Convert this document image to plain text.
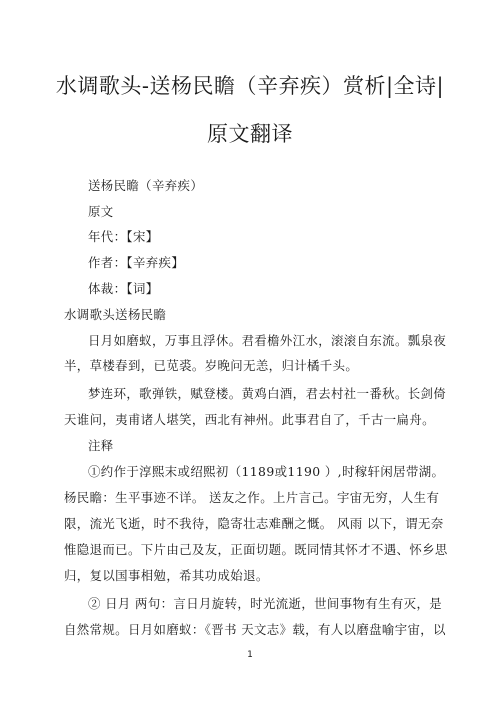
水调歌头-送杨民瞻（辛弃疾）赏析|全诗|
原文翻译
送杨民瞻（辛弃疾）
原文
年代：【宋】
作者：【辛弃疾】
体裁：【词】
水调歌头送杨民瞻
日月如磨蚁，万事且浮休。君看檐外江水，滚滚自东流。瓢泉夜
半，草楼春到，已苋裘。岁晚问无恙，归计橘千头。
梦连环，歌弹铁，赋登楼。黄鸡白酒，君去村社一番秋。长剑倚
天谁问，夷甫诸人堪笑，西北有神州。此事君自了，千古一扁舟。
注释
①约作于淳熙末或绍熙初（1189或1190 ）,时稼轩闲居带湖。
杨民瞻：生平事迹不详。 送友之作。上片言己。宇宙无穷，人生有
限，流光飞逝，时不我待，隐寄壮志难酬之慨。 风雨 以下，谓无奈
惟隐退而已。下片由己及友，正面切题。既同情其怀才不遇、怀乡思
归，复以国事相勉，希其功成始退。
② 日月 两句：言日月旋转，时光流逝，世间事物有生有灭，是
自然常规。日月如磨蚁：《晋书 天文志》载，有人以磨盘喻宇宙，以
1
